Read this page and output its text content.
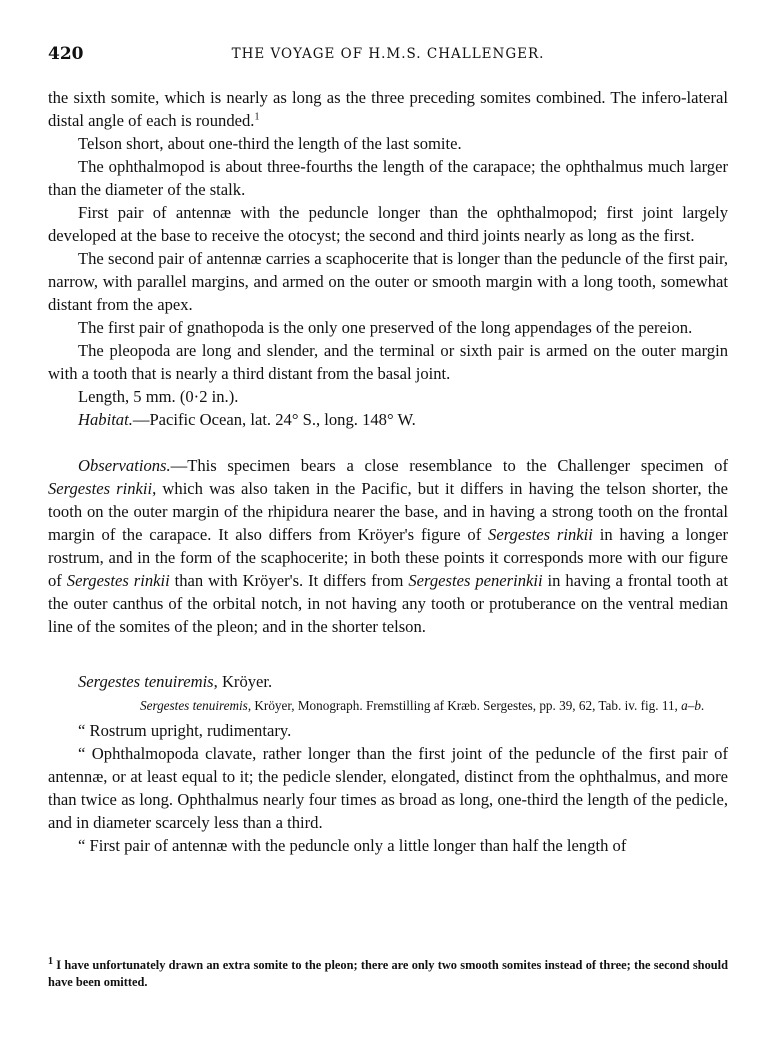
420	THE VOYAGE OF H.M.S. CHALLENGER.

the sixth somite, which is nearly as long as the three preceding somites combined. The infero-lateral distal angle of each is rounded.$^1$

Telson short, about one-third the length of the last somite.

The ophthalmopod is about three-fourths the length of the carapace; the ophthalmus much larger than the diameter of the stalk.

First pair of antennæ with the peduncle longer than the ophthalmopod; first joint largely developed at the base to receive the otocyst; the second and third joints nearly as long as the first.

The second pair of antennæ carries a scaphocerite that is longer than the peduncle of the first pair, narrow, with parallel margins, and armed on the outer or smooth margin with a long tooth, somewhat distant from the apex.

The first pair of gnathopoda is the only one preserved of the long appendages of the pereion.

The pleopoda are long and slender, and the terminal or sixth pair is armed on the outer margin with a tooth that is nearly a third distant from the basal joint.

Length, 5 mm. (0·2 in.).

Habitat.—Pacific Ocean, lat. 24° S., long. 148° W.

Observations.—This specimen bears a close resemblance to the Challenger specimen of Sergestes rinkii, which was also taken in the Pacific, but it differs in having the telson shorter, the tooth on the outer margin of the rhipidura nearer the base, and in having a strong tooth on the frontal margin of the carapace. It also differs from Kröyer's figure of Sergestes rinkii in having a longer rostrum, and in the form of the scaphocerite; in both these points it corresponds more with our figure of Sergestes rinkii than with Kröyer's. It differs from Sergestes penerinkii in having a frontal tooth at the outer canthus of the orbital notch, in not having any tooth or protuberance on the ventral median line of the somites of the pleon; and in the shorter telson.

Sergestes tenuiremis, Kröyer.

Sergestes tenuiremis, Kröyer, Monograph. Fremstilling af Kræb. Sergestes, pp. 39, 62, Tab. iv. fig. 11, a–b.

“ Rostrum upright, rudimentary.

“ Ophthalmopoda clavate, rather longer than the first joint of the peduncle of the first pair of antennæ, or at least equal to it; the pedicle slender, elongated, distinct from the ophthalmus, and more than twice as long. Ophthalmus nearly four times as broad as long, one-third the length of the pedicle, and in diameter scarcely less than a third.

“ First pair of antennæ with the peduncle only a little longer than half the length of

$^1$ I have unfortunately drawn an extra somite to the pleon; there are only two smooth somites instead of three; the second should have been omitted.
